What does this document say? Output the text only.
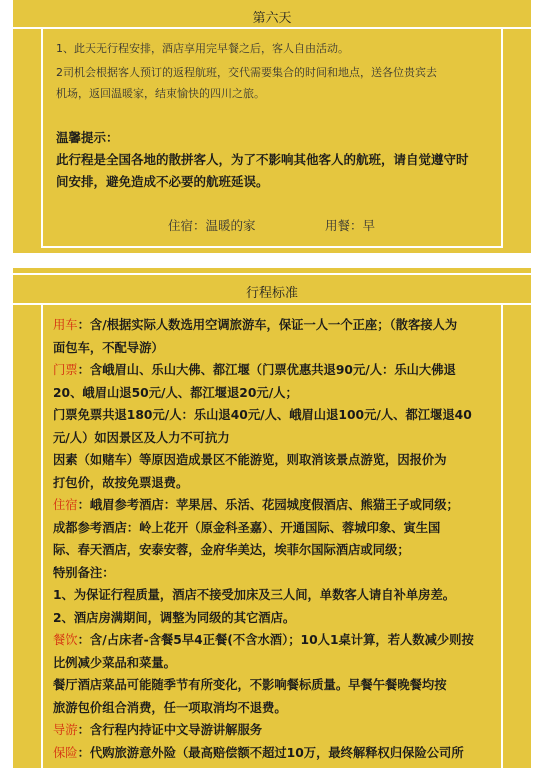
第六天
1、此天无行程安排，酒店享用完早餐之后，客人自由活动。
2司机会根据客人预订的返程航班，交代需要集合的时间和地点，送各位贵宾去
机场，返回温暖家，结束愉快的四川之旅。
温馨提示：
此行程是全国各地的散拼客人，为了不影响其他客人的航班，请自觉遵守时
间安排，避免造成不必要的航班延误。
住宿：温暖的家	用餐：早
行程标准
用车：含/根据实际人数选用空调旅游车，保证一人一个正座；（散客接人为
面包车，不配导游）
门票：含峨眉山、乐山大佛、都江堰（门票优惠共退90元/人：乐山大佛退
20、峨眉山退50元/人、都江堰退20元/人；
门票免票共退180元/人：乐山退40元/人、峨眉山退100元/人、都江堰退40
元/人）如因景区及人力不可抗力
因素（如赌车）等原因造成景区不能游览，则取消该景点游览，因报价为
打包价，故按免票退费。
住宿：峨眉参考酒店：苹果居、乐活、花园城度假酒店、熊猫王子或同级；
成都参考酒店：岭上花开（原金科圣嘉）、开通国际、蓉城印象、寅生国
际、春天酒店，安泰安蓉，金府华美达，埃菲尔国际酒店或同级；
特别备注：
1、为保证行程质量，酒店不接受加床及三人间，单数客人请自补单房差。
2、酒店房满期间，调整为同级的其它酒店。
餐饮：含/占床者-含餐5早4正餐(不含水酒）；10人1桌计算，若人数减少则按
比例减少菜品和菜量。
餐厅酒店菜品可能随季节有所变化，不影响餐标质量。早餐午餐晚餐均按
旅游包价组合消费，任一项取消均不退费。
导游：含行程内持证中文导游讲解服务
保险：代购旅游意外险（最高赔偿额不超过10万，最终解释权归保险公司所
